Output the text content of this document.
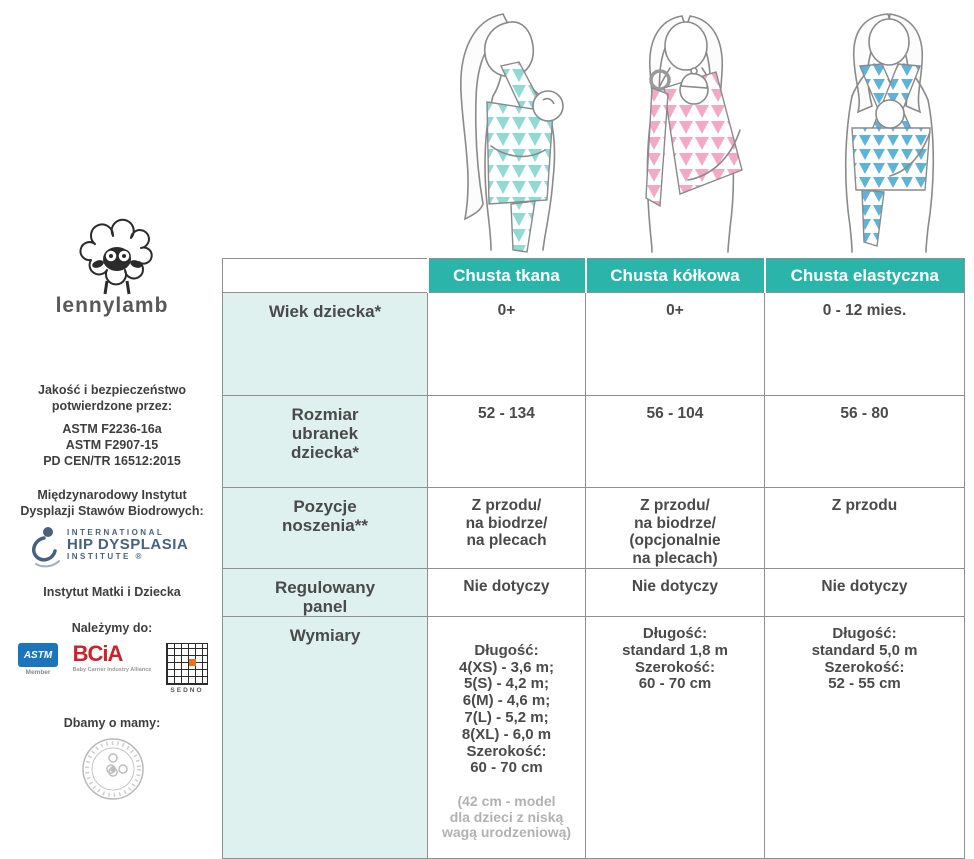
lennylamb
Jakość i bezpieczeństwo
potwierdzone przez:
ASTM F2236-16a
ASTM F2907-15
PD CEN/TR 16512:2015
Międzynarodowy Instytut
Dysplazji Stawów Biodrowych:
INTERNATIONAL
HIP DYSPLASIA
INSTITUTE ®
Instytut Matki i Dziecka
Należymy do:
ASTM
Member
BCiA
Baby Carrier Industry Alliance
SEDNO
Dbamy o mamy:
	Chusta tkana	Chusta kółkowa	Chusta elastyczna
Wiek dziecka*	0+	0+	0 - 12 mies.
Rozmiar
ubranek
dziecka*	52 - 134	56 - 104	56 - 80
Pozycje
noszenia**	Z przodu/
na biodrze/
na plecach	Z przodu/
na biodrze/
(opcjonalnie
na plecach)	Z przodu
Regulowany
panel	Nie dotyczy	Nie dotyczy	Nie dotyczy
Wymiary	

Długość:
4(XS) - 3,6 m;
5(S) - 4,2 m;
6(M) - 4,6 m;
7(L) - 5,2 m;
8(XL) - 6,0 m
Szerokość:
60 - 70 cm

(42 cm - model
dla dzieci z niską
wagą urodzeniową)

	Długość:
standard 1,8 m
Szerokość:
60 - 70 cm	Długość:
standard 5,0 m
Szerokość:
52 - 55 cm
